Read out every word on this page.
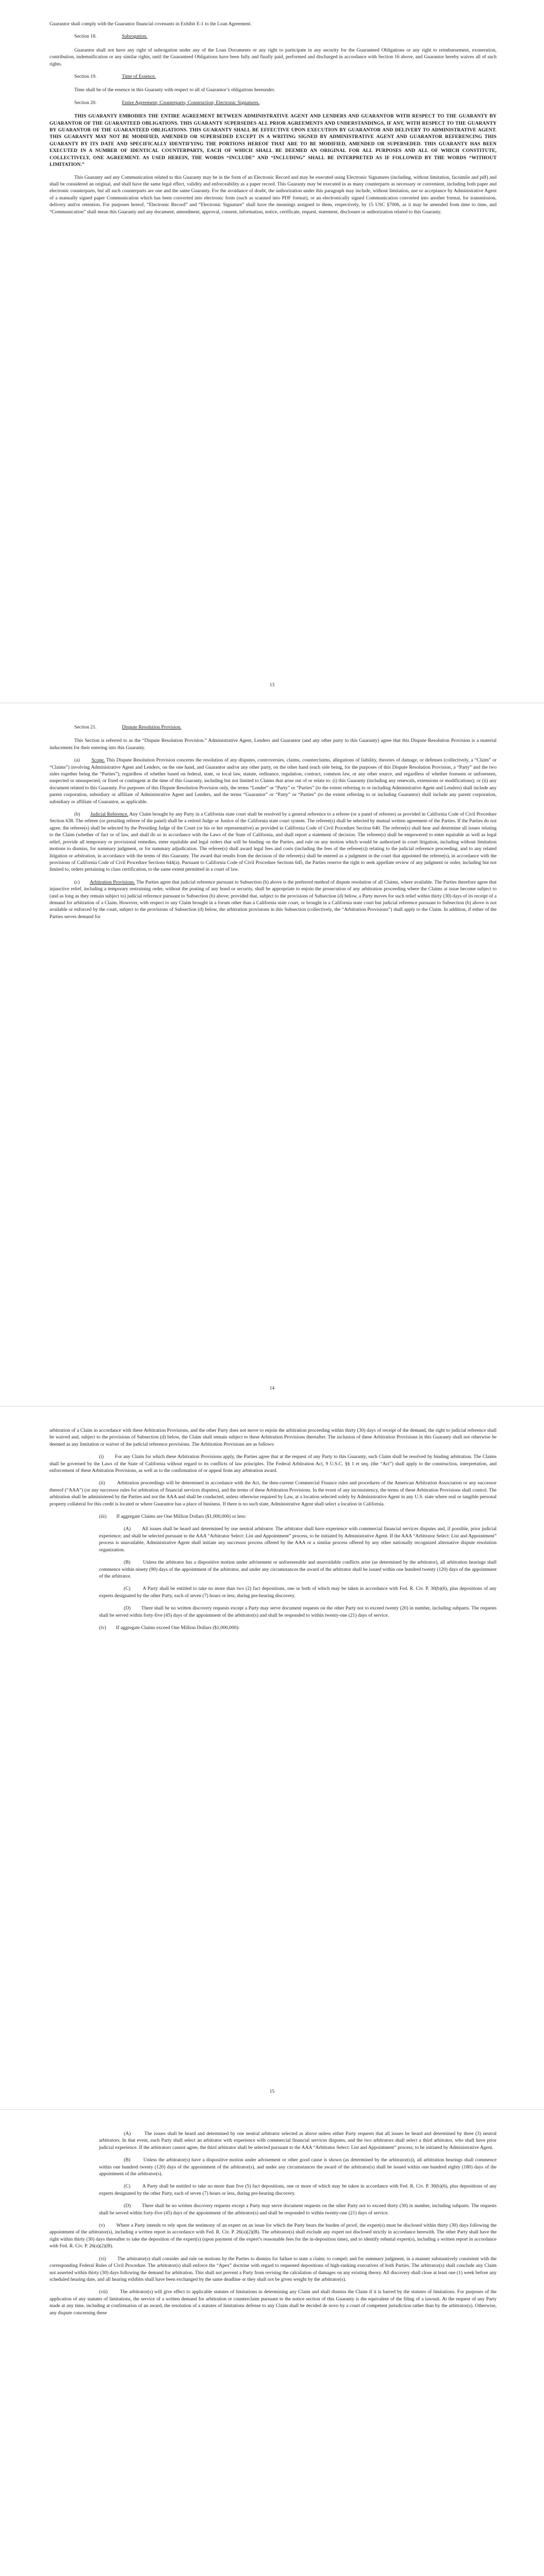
Guarantor shall comply with the Guarantor financial covenants in Exhibit E-1 to the Loan Agreement.

Section 18.	Subrogation.

Guarantor shall not have any right of subrogation under any of the Loan Documents or any right to participate in any security for the Guaranteed Obligations or any right to reimbursement, exoneration, contribution, indemnification or any similar rights, until the Guaranteed Obligations have been fully and finally paid, performed and discharged in accordance with Section 16 above, and Guarantor hereby waives all of such rights.

Section 19.	Time of Essence.

Time shall be of the essence in this Guaranty with respect to all of Guarantor’s obligations hereunder.

Section 20.	Entire Agreement; Counterparts; Construction; Electronic Signatures.

THIS GUARANTY EMBODIES THE ENTIRE AGREEMENT BETWEEN ADMINISTRATIVE AGENT AND LENDERS AND GUARANTOR WITH RESPECT TO THE GUARANTY BY GUARANTOR OF THE GUARANTEED OBLIGATIONS. THIS GUARANTY SUPERSEDES ALL PRIOR AGREEMENTS AND UNDERSTANDINGS, IF ANY, WITH RESPECT TO THE GUARANTY BY GUARANTOR OF THE GUARANTEED OBLIGATIONS. THIS GUARANTY SHALL BE EFFECTIVE UPON EXECUTION BY GUARANTOR AND DELIVERY TO ADMINISTRATIVE AGENT. THIS GUARANTY MAY NOT BE MODIFIED, AMENDED OR SUPERSEDED EXCEPT IN A WRITING SIGNED BY ADMINISTRATIVE AGENT AND GUARANTOR REFERENCING THIS GUARANTY BY ITS DATE AND SPECIFICALLY IDENTIFYING THE PORTIONS HEREOF THAT ARE TO BE MODIFIED, AMENDED OR SUPERSEDED. THIS GUARANTY HAS BEEN EXECUTED IN A NUMBER OF IDENTICAL COUNTERPARTS, EACH OF WHICH SHALL BE DEEMED AN ORIGINAL FOR ALL PURPOSES AND ALL OF WHICH CONSTITUTE, COLLECTIVELY, ONE AGREEMENT. AS USED HEREIN, THE WORDS “INCLUDE” AND “INCLUDING” SHALL BE INTERPRETED AS IF FOLLOWED BY THE WORDS “WITHOUT LIMITATION.”

This Guaranty and any Communication related to this Guaranty may be in the form of an Electronic Record and may be executed using Electronic Signatures (including, without limitation, facsimile and pdf) and shall be considered an original, and shall have the same legal effect, validity and enforceability as a paper record. This Guaranty may be executed in as many counterparts as necessary or convenient, including both paper and electronic counterparts, but all such counterparts are one and the same Guaranty. For the avoidance of doubt, the authorization under this paragraph may include, without limitation, use or acceptance by Administrative Agent of a manually signed paper Communication which has been converted into electronic form (such as scanned into PDF format), or an electronically signed Communication converted into another format, for transmission, delivery and/or retention. For purposes hereof, “Electronic Record” and “Electronic Signature” shall have the meanings assigned to them, respectively, by 15 USC §7006, as it may be amended from time to time, and “Communication” shall mean this Guaranty and any document, amendment, approval, consent, information, notice, certificate, request, statement, disclosure or authorization related to this Guaranty.

13
Section 21.	Dispute Resolution Provision.

This Section is referred to as the “Dispute Resolution Provision.” Administrative Agent, Lenders and Guarantor (and any other party to this Guaranty) agree that this Dispute Resolution Provision is a material inducement for their entering into this Guaranty.

(a) Scope. This Dispute Resolution Provision concerns the resolution of any disputes, controversies, claims, counterclaims, allegations of liability, theories of damage, or defenses (collectively, a “Claim” or “Claims”) involving Administrative Agent and Lenders, on the one hand, and Guarantor and/or any other party, on the other hand (each side being, for the purposes of this Dispute Resolution Provision, a “Party” and the two sides together being the “Parties”), regardless of whether based on federal, state, or local law, statute, ordinance, regulation, contract, common law, or any other source, and regardless of whether foreseen or unforeseen, suspected or unsuspected, or fixed or contingent at the time of this Guaranty, including but not limited to Claims that arise out of or relate to: (i) this Guaranty (including any renewals, extensions or modifications); or (ii) any document related to this Guaranty. For purposes of this Dispute Resolution Provision only, the terms “Lender” or “Party” or “Parties” (to the extent referring to or including Administrative Agent and Lenders) shall include any parent corporation, subsidiary or affiliate of Administrative Agent and Lenders, and the terms “Guarantor” or “Party” or “Parties” (to the extent referring to or including Guarantor) shall include any parent corporation, subsidiary or affiliate of Guarantor, as applicable.

(b) Judicial Reference. Any Claim brought by any Party in a California state court shall be resolved by a general reference to a referee (or a panel of referees) as provided in California Code of Civil Procedure Section 638. The referee (or presiding referee of the panel) shall be a retired Judge or Justice of the California state court system. The referee(s) shall be selected by mutual written agreement of the Parties. If the Parties do not agree, the referee(s) shall be selected by the Presiding Judge of the Court (or his or her representative) as provided in California Code of Civil Procedure Section 640. The referee(s) shall hear and determine all issues relating to the Claim (whether of fact or of law, and shall do so in accordance with the Laws of the State of California, and shall report a statement of decision. The referee(s) shall be empowered to enter equitable as well as legal relief, provide all temporary or provisional remedies, enter equitable and legal orders that will be binding on the Parties, and rule on any motion which would be authorized in court litigation, including without limitation motions to dismiss, for summary judgment, or for summary adjudication. The referee(s) shall award legal fees and costs (including the fees of the referee(s)) relating to the judicial reference proceeding, and to any related litigation or arbitration, in accordance with the terms of this Guaranty. The award that results from the decision of the referee(s) shall be entered as a judgment in the court that appointed the referee(s), in accordance with the provisions of California Code of Civil Procedure Sections 644(a). Pursuant to California Code of Civil Procedure Sections 645, the Parties reserve the right to seek appellate review of any judgment or order, including but not limited to, orders pertaining to class certification, to the same extent permitted in a court of law.

(c) Arbitration Provisions. The Parties agree that judicial reference pursuant to Subsection (b) above is the preferred method of dispute resolution of all Claims, where available. The Parties therefore agree that injunctive relief, including a temporary restraining order, without the posting of any bond or security, shall be appropriate to enjoin the prosecution of any arbitration proceeding where the Claims at issue become subject to (and as long as they remain subject to) judicial reference pursuant to Subsection (b) above; provided that, subject to the provisions of Subsection (d) below, a Party moves for such relief within thirty (30) days of its receipt of a demand for arbitration of a Claim. However, with respect to any Claim brought in a forum other than a California state court, or brought in a California state court but judicial reference pursuant to Subsection (b) above is not available or enforced by the court, subject to the provisions of Subsection (d) below, the arbitration provisions in this Subsection (collectively, the “Arbitration Provisions”) shall apply to the Claim. In addition, if either of the Parties serves demand for

14

arbitration of a Claim in accordance with these Arbitration Provisions, and the other Party does not move to enjoin the arbitration proceeding within thirty (30) days of receipt of the demand, the right to judicial reference shall be waived and, subject to the provisions of Subsection (d) below, the Claim shall remain subject to these Arbitration Provisions thereafter. The inclusion of these Arbitration Provisions in this Guaranty shall not otherwise be deemed as any limitation or waiver of the judicial reference provisions. The Arbitration Provisions are as follows:

(i) For any Claim for which these Arbitration Provisions apply, the Parties agree that at the request of any Party to this Guaranty, such Claim shall be resolved by binding arbitration. The Claims shall be governed by the Laws of the State of California without regard to its conflicts of law principles. The Federal Arbitration Act, 9 U.S.C. §§ 1 et seq. (the “Act”) shall apply to the construction, interpretation, and enforcement of these Arbitration Provisions, as well as to the confirmation of or appeal from any arbitration award.

(ii) Arbitration proceedings will be determined in accordance with the Act, the then-current Commercial Finance rules and procedures of the American Arbitration Association or any successor thereof (“AAA”) (or any successor rules for arbitration of financial services disputes), and the terms of these Arbitration Provisions. In the event of any inconsistency, the terms of these Arbitration Provisions shall control. The arbitration shall be administered by the Parties and not the AAA and shall be conducted, unless otherwise required by Law, at a location selected solely by Administrative Agent in any U.S. state where real or tangible personal property collateral for this credit is located or where Guarantor has a place of business. If there is no such state, Administrative Agent shall select a location in California.

(iii) If aggregate Claims are One Million Dollars ($1,000,000) or less:

(A) All issues shall be heard and determined by one neutral arbitrator. The arbitrator shall have experience with commercial financial services disputes and, if possible, prior judicial experience; and shall be selected pursuant to the AAA “Arbitrator Select: List and Appointment” process, to be initiated by Administrative Agent. If the AAA “Arbitrator Select: List and Appointment” process is unavailable, Administrative Agent shall initiate any successor process offered by the AAA or a similar process offered by any other nationally recognized alternative dispute resolution organization.

(B)	Unless the arbitrator has a dispositive motion under advisement or unforeseeable and unavoidable conflicts arise (as determined by the arbitrator), all arbitration hearings shall commence within ninety (90) days of the appointment of the arbitrator, and under any circumstances the award of the arbitrator shall be issued within one hundred twenty (120) days of the appointment of the arbitrator.

(C) A Party shall be entitled to take no more than two (2) fact depositions, one or both of which may be taken in accordance with Fed. R. Civ. P. 30(b)(6), plus depositions of any experts designated by the other Party, each of seven (7) hours or less, during pre-hearing discovery.

(D) There shall be no written discovery requests except a Party may serve document requests on the other Party not to exceed twenty (20) in number, including subparts. The requests shall be served within forty-five (45) days of the appointment of the arbitrator(s) and shall be responded to within twenty-one (21) days of service.

(iv) If aggregate Claims exceed One Million Dollars ($1,000,000):

15

(A)	The issues shall be heard and determined by one neutral arbitrator selected as above unless either Party requests that all issues be heard and determined by three (3) neutral arbitrators. In that event, each Party shall select an arbitrator with experience with commercial financial services disputes, and the two arbitrators shall select a third arbitrator, who shall have prior judicial experience. If the arbitrators cannot agree, the third arbitrator shall be selected pursuant to the AAA “Arbitrator Select: List and Appointment” process, to be initiated by Administrative Agent.

(B)	Unless the arbitrator(s) have a dispositive motion under advisement or other good cause is shown (as determined by the arbitrator(s)), all arbitration hearings shall commence within one hundred twenty (120) days of the appointment of the arbitrator(s), and under any circumstances the award of the arbitrator(s) shall be issued within one hundred eighty (180) days of the appointment of the arbitrator(s).

(C) A Party shall be entitled to take no more than five (5) fact depositions, one or more of which may be taken in accordance with Fed. R. Civ. P. 30(b)(6), plus depositions of any experts designated by the other Party, each of seven (7) hours or less, during pre-hearing discovery.

(D) There shall be no written discovery requests except a Party may serve document requests on the other Party not to exceed thirty (30) in number, including subparts. The requests shall be served within forty-five (45) days of the appointment of the arbitrator(s) and shall be responded to within twenty-one (21) days of service.

(v) Where a Party intends to rely upon the testimony of an expert on an issue for which the Party bears the burden of proof, the expert(s) must be disclosed within thirty (30) days following the appointment of the arbitrator(s), including a written report in accordance with Fed. R. Civ. P. 26(a)(2)(B). The arbitrator(s) shall exclude any expert not disclosed strictly in accordance herewith. The other Party shall have the right within thirty (30) days thereafter to take the deposition of the expert(s) (upon payment of the expert’s reasonable fees for the in-deposition time), and to identify rebuttal expert(s), including a written report in accordance with Fed. R. Civ. P. 26(a)(2)(B).

(vi) The arbitrator(s) shall consider and rule on motions by the Parties to dismiss for failure to state a claim; to compel; and for summary judgment, in a manner substantively consistent with the corresponding Federal Rules of Civil Procedure. The arbitrator(s) shall enforce the “Apex” doctrine with regard to requested depositions of high-ranking executives of both Parties. The arbitrator(s) shall conclude any Claim not asserted within thirty (30) days following the demand for arbitration. This shall not prevent a Party from revising the calculation of damages on any existing theory. All discovery shall close at least one (1) week before any scheduled hearing date, and all hearing exhibits shall have been exchanged by the same deadline or they shall not be given weight by the arbitrator(s).

(vii)	The arbitrator(s) will give effect to applicable statutes of limitations in determining any Claim and shall dismiss the Claim if it is barred by the statutes of limitations. For purposes of the application of any statutes of limitations, the service of a written demand for arbitration or counterclaim pursuant to the notice section of this Guaranty is the equivalent of the filing of a lawsuit. At the request of any Party made at any time, including at confirmation of an award, the resolution of a statutes of limitations defense to any Claim shall be decided de novo by a court of competent jurisdiction rather than by the arbitrator(s). Otherwise, any dispute concerning these
